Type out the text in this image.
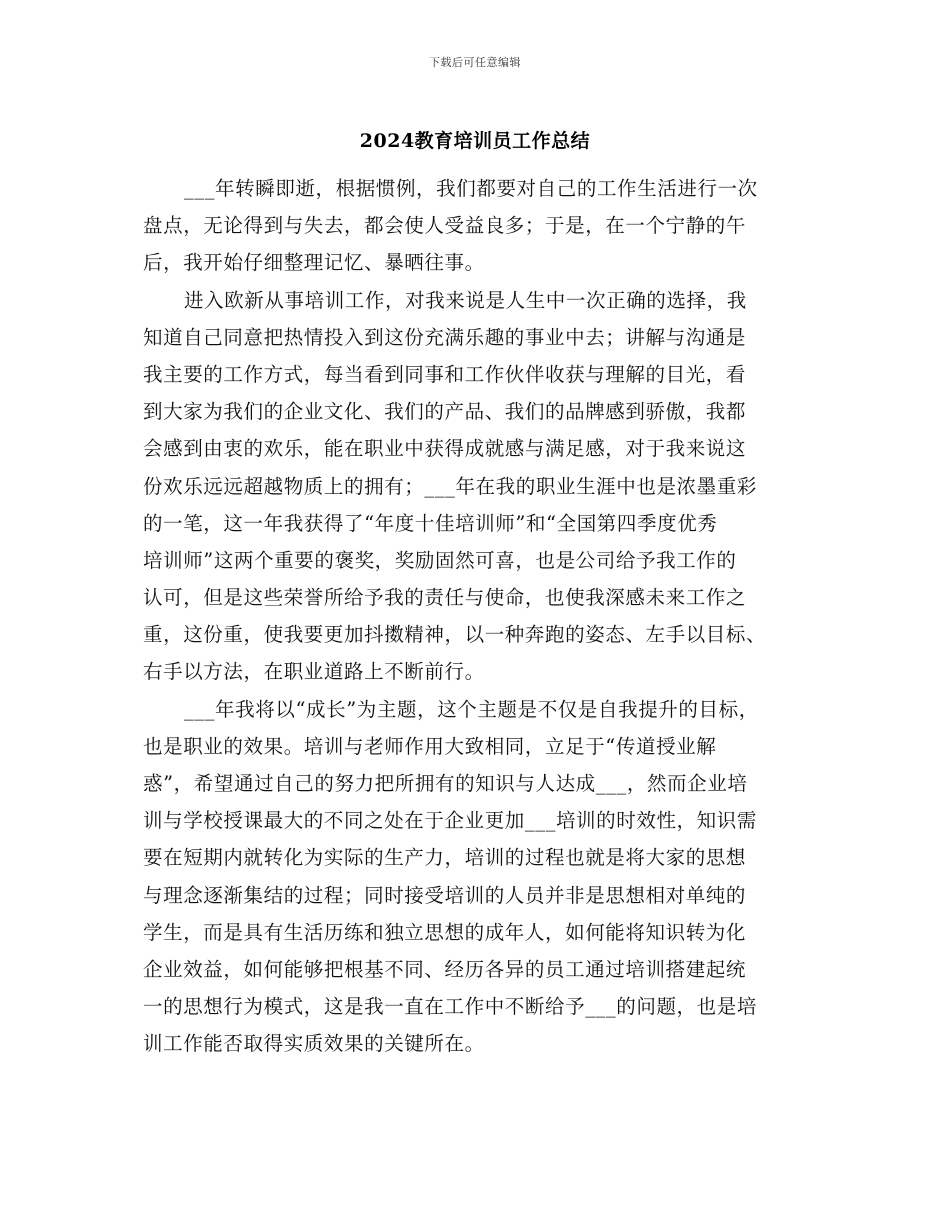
下载后可任意编辑
2024教育培训员工作总结
___年转瞬即逝，根据惯例，我们都要对自己的工作生活进行一次
盘点，无论得到与失去，都会使人受益良多；于是，在一个宁静的午
后，我开始仔细整理记忆、暴晒往事。
进入欧新从事培训工作，对我来说是人生中一次正确的选择，我
知道自己同意把热情投入到这份充满乐趣的事业中去；讲解与沟通是
我主要的工作方式，每当看到同事和工作伙伴收获与理解的目光，看
到大家为我们的企业文化、我们的产品、我们的品牌感到骄傲，我都
会感到由衷的欢乐，能在职业中获得成就感与满足感，对于我来说这
份欢乐远远超越物质上的拥有；___年在我的职业生涯中也是浓墨重彩
的一笔，这一年我获得了“年度十佳培训师”和“全国第四季度优秀
培训师”这两个重要的褒奖，奖励固然可喜，也是公司给予我工作的
认可，但是这些荣誉所给予我的责任与使命，也使我深感未来工作之
重，这份重，使我要更加抖擞精神，以一种奔跑的姿态、左手以目标、
右手以方法，在职业道路上不断前行。
___年我将以“成长”为主题，这个主题是不仅是自我提升的目标，
也是职业的效果。培训与老师作用大致相同，立足于“传道授业解
惑”，希望通过自己的努力把所拥有的知识与人达成___，然而企业培
训与学校授课最大的不同之处在于企业更加___培训的时效性，知识需
要在短期内就转化为实际的生产力，培训的过程也就是将大家的思想
与理念逐渐集结的过程；同时接受培训的人员并非是思想相对单纯的
学生，而是具有生活历练和独立思想的成年人，如何能将知识转为化
企业效益，如何能够把根基不同、经历各异的员工通过培训搭建起统
一的思想行为模式，这是我一直在工作中不断给予___的问题，也是培
训工作能否取得实质效果的关键所在。
